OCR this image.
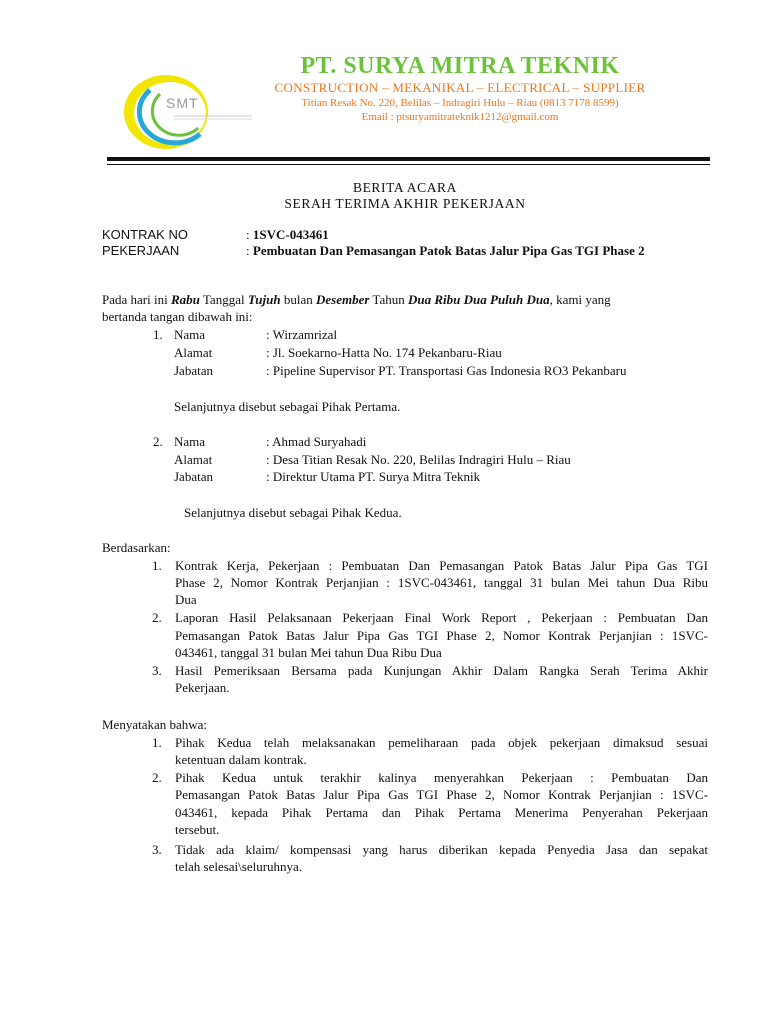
SMT
PT. SURYA MITRA TEKNIK
CONSTRUCTION – MEKANIKAL – ELECTRICAL – SUPPLIER
Titian Resak No. 220, Belilas – Indragiri Hulu – Riau (0813 7178 8599)
Email : ptsuryamitrateknik1212@gmail.com
BERITA ACARA
SERAH TERIMA AKHIR PEKERJAAN
KONTRAK NO	: 1SVC-043461
PEKERJAAN	: Pembuatan Dan Pemasangan Patok Batas Jalur Pipa Gas TGI Phase 2
Pada hari ini Rabu Tanggal Tujuh bulan Desember Tahun Dua Ribu Dua Puluh Dua, kami yang
bertanda tangan dibawah ini:
1. Nama	: Wirzamrizal
Alamat	: Jl. Soekarno-Hatta No. 174 Pekanbaru-Riau
Jabatan	: Pipeline Supervisor PT. Transportasi Gas Indonesia RO3 Pekanbaru
Selanjutnya disebut sebagai Pihak Pertama.
2. Nama	: Ahmad Suryahadi
Alamat	: Desa Titian Resak No. 220, Belilas Indragiri Hulu – Riau
Jabatan	: Direktur Utama PT. Surya Mitra Teknik
Selanjutnya disebut sebagai Pihak Kedua.
Berdasarkan:
1. Kontrak Kerja, Pekerjaan : Pembuatan Dan Pemasangan Patok Batas Jalur Pipa Gas TGI
Phase 2, Nomor Kontrak Perjanjian : 1SVC-043461, tanggal 31 bulan Mei tahun Dua Ribu
Dua
2. Laporan Hasil Pelaksanaan Pekerjaan Final Work Report , Pekerjaan : Pembuatan Dan
Pemasangan Patok Batas Jalur Pipa Gas TGI Phase 2, Nomor Kontrak Perjanjian : 1SVC-
043461, tanggal 31 bulan Mei tahun Dua Ribu Dua
3. Hasil Pemeriksaan Bersama pada Kunjungan Akhir Dalam Rangka Serah Terima Akhir
Pekerjaan.
Menyatakan bahwa:
1. Pihak Kedua telah melaksanakan pemeliharaan pada objek pekerjaan dimaksud sesuai
ketentuan dalam kontrak.
2. Pihak Kedua untuk terakhir kalinya menyerahkan Pekerjaan : Pembuatan Dan
Pemasangan Patok Batas Jalur Pipa Gas TGI Phase 2, Nomor Kontrak Perjanjian : 1SVC-
043461, kepada Pihak Pertama dan Pihak Pertama Menerima Penyerahan Pekerjaan
tersebut.
3. Tidak ada klaim/ kompensasi yang harus diberikan kepada Penyedia Jasa dan sepakat
telah selesai\seluruhnya.
